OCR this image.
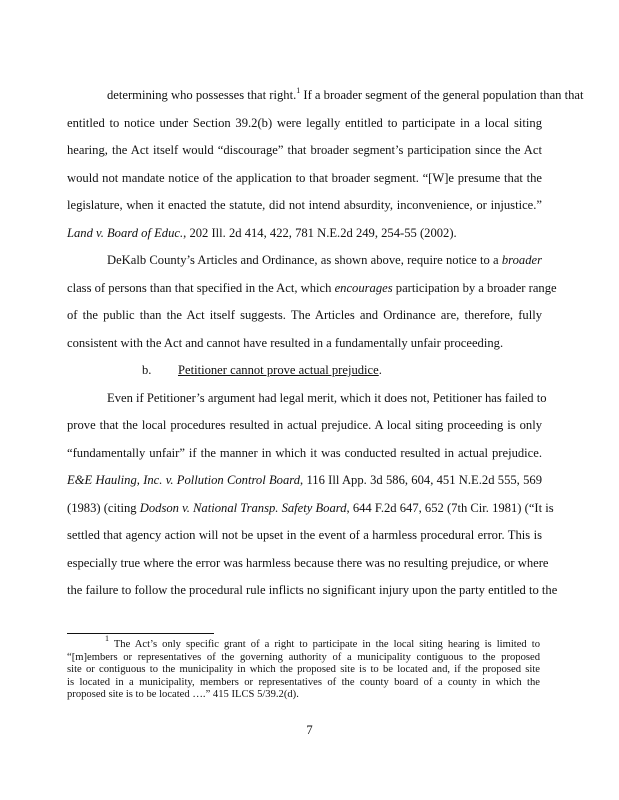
determining who possesses that right.$^1$ If a broader segment of the general population than that
entitled to notice under Section 39.2(b) were legally entitled to participate in a local siting
hearing, the Act itself would “discourage” that broader segment’s participation since the Act
would not mandate notice of the application to that broader segment. “[W]e presume that the
legislature, when it enacted the statute, did not intend absurdity, inconvenience, or injustice.”
Land v. Board of Educ., 202 Ill. 2d 414, 422, 781 N.E.2d 249, 254-55 (2002).
DeKalb County’s Articles and Ordinance, as shown above, require notice to a broader
class of persons than that specified in the Act, which encourages participation by a broader range
of the public than the Act itself suggests. The Articles and Ordinance are, therefore, fully
consistent with the Act and cannot have resulted in a fundamentally unfair proceeding.
Even if Petitioner’s argument had legal merit, which it does not, Petitioner has failed to
prove that the local procedures resulted in actual prejudice. A local siting proceeding is only
“fundamentally unfair” if the manner in which it was conducted resulted in actual prejudice.
E&E Hauling, Inc. v. Pollution Control Board, 116 Ill App. 3d 586, 604, 451 N.E.2d 555, 569
(1983) (citing Dodson v. National Transp. Safety Board, 644 F.2d 647, 652 (7th Cir. 1981) (“It is
settled that agency action will not be upset in the event of a harmless procedural error. This is
especially true where the error was harmless because there was no resulting prejudice, or where
the failure to follow the procedural rule inflicts no significant injury upon the party entitled to the
b. Petitioner cannot prove actual prejudice.
$^1$ The Act’s only specific grant of a right to participate in the local siting hearing is limited to
“[m]embers or representatives of the governing authority of a municipality contiguous to the proposed
site or contiguous to the municipality in which the proposed site is to be located and, if the proposed site
is located in a municipality, members or representatives of the county board of a county in which the
proposed site is to be located ….” 415 ILCS 5/39.2(d).
7
